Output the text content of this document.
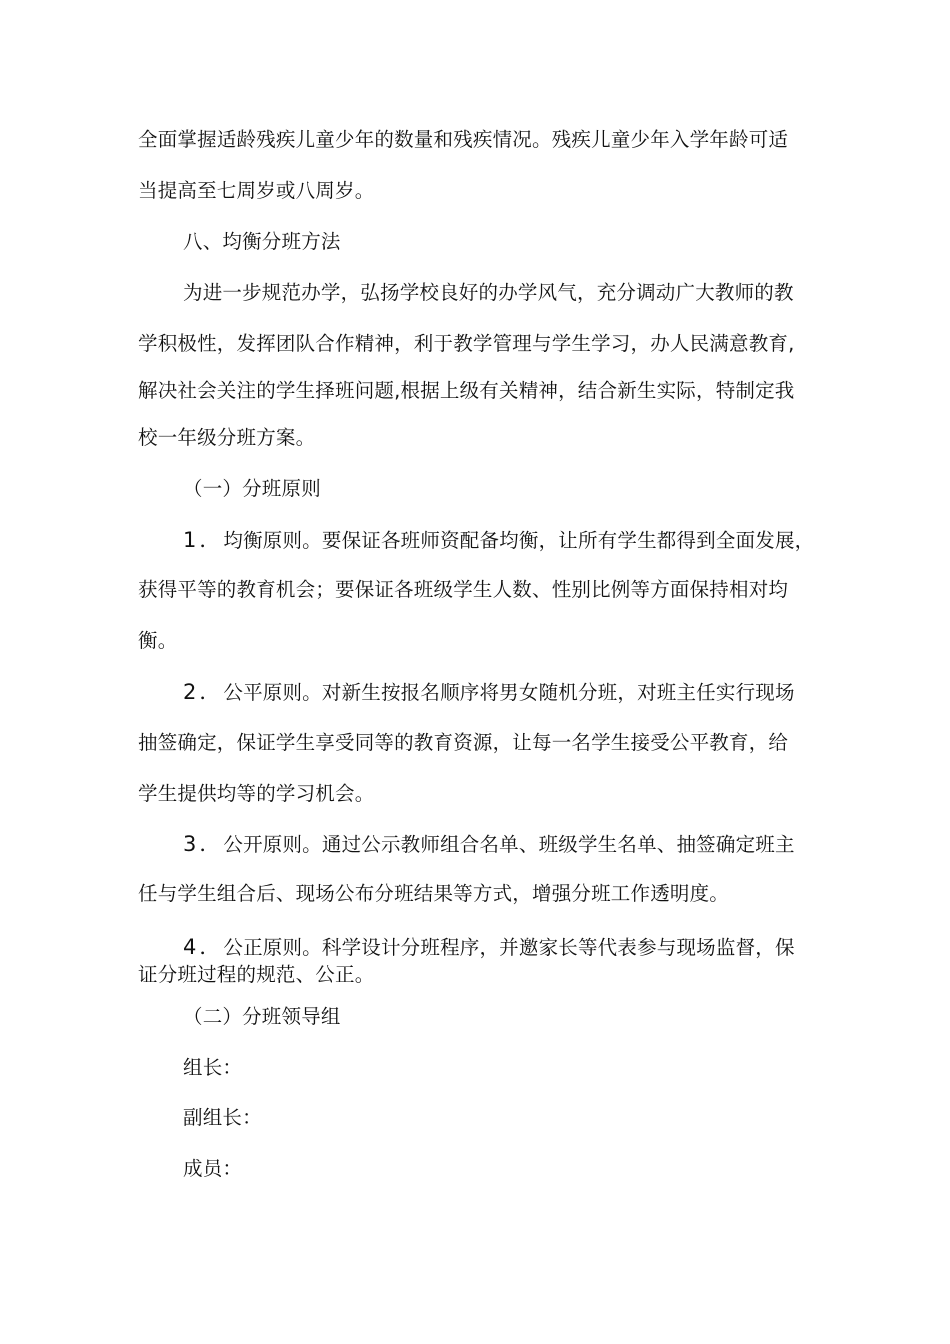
全面掌握适龄残疾儿童少年的数量和残疾情况。残疾儿童少年入学年龄可适
当提高至七周岁或八周岁。
八、均衡分班方法
为进一步规范办学，弘扬学校良好的办学风气，充分调动广大教师的教
学积极性，发挥团队合作精神，利于教学管理与学生学习，办人民满意教育,
解决社会关注的学生择班问题,根据上级有关精神，结合新生实际，特制定我
校一年级分班方案。
（一）分班原则
1．均衡原则。要保证各班师资配备均衡，让所有学生都得到全面发展，
获得平等的教育机会；要保证各班级学生人数、性别比例等方面保持相对均
衡。
2．公平原则。对新生按报名顺序将男女随机分班，对班主任实行现场
抽签确定，保证学生享受同等的教育资源，让每一名学生接受公平教育，给
学生提供均等的学习机会。
3．公开原则。通过公示教师组合名单、班级学生名单、抽签确定班主
任与学生组合后、现场公布分班结果等方式，增强分班工作透明度。
4．公正原则。科学设计分班程序，并邀家长等代表参与现场监督，保
证分班过程的规范、公正。
（二）分班领导组
组长：
副组长：
成员：
